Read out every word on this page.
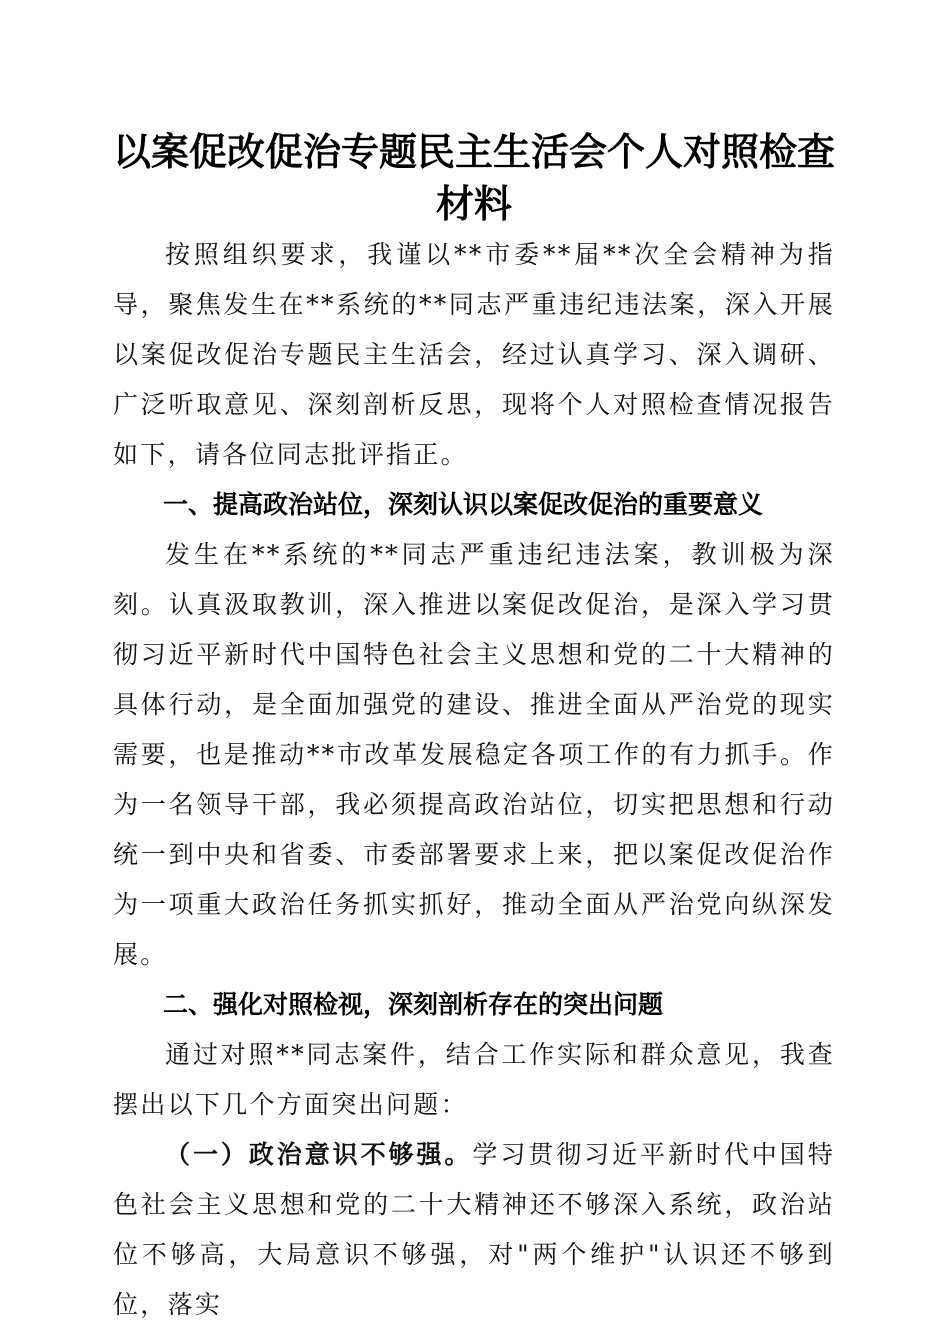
以案促改促治专题民主生活会个人对照检查材料

按照组织要求，我谨以**市委**届**次全会精神为指导，聚焦发生在**系统的**同志严重违纪违法案，深入开展以案促改促治专题民主生活会，经过认真学习、深入调研、广泛听取意见、深刻剖析反思，现将个人对照检查情况报告如下，请各位同志批评指正。

一、提高政治站位，深刻认识以案促改促治的重要意义

发生在**系统的**同志严重违纪违法案，教训极为深刻。认真汲取教训，深入推进以案促改促治，是深入学习贯彻习近平新时代中国特色社会主义思想和党的二十大精神的具体行动，是全面加强党的建设、推进全面从严治党的现实需要，也是推动**市改革发展稳定各项工作的有力抓手。作为一名领导干部，我必须提高政治站位，切实把思想和行动统一到中央和省委、市委部署要求上来，把以案促改促治作为一项重大政治任务抓实抓好，推动全面从严治党向纵深发展。

二、强化对照检视，深刻剖析存在的突出问题

通过对照**同志案件，结合工作实际和群众意见，我查摆出以下几个方面突出问题：

（一）政治意识不够强。学习贯彻习近平新时代中国特色社会主义思想和党的二十大精神还不够深入系统，政治站位不够高，大局意识不够强，对"两个维护"认识还不够到位，落实
